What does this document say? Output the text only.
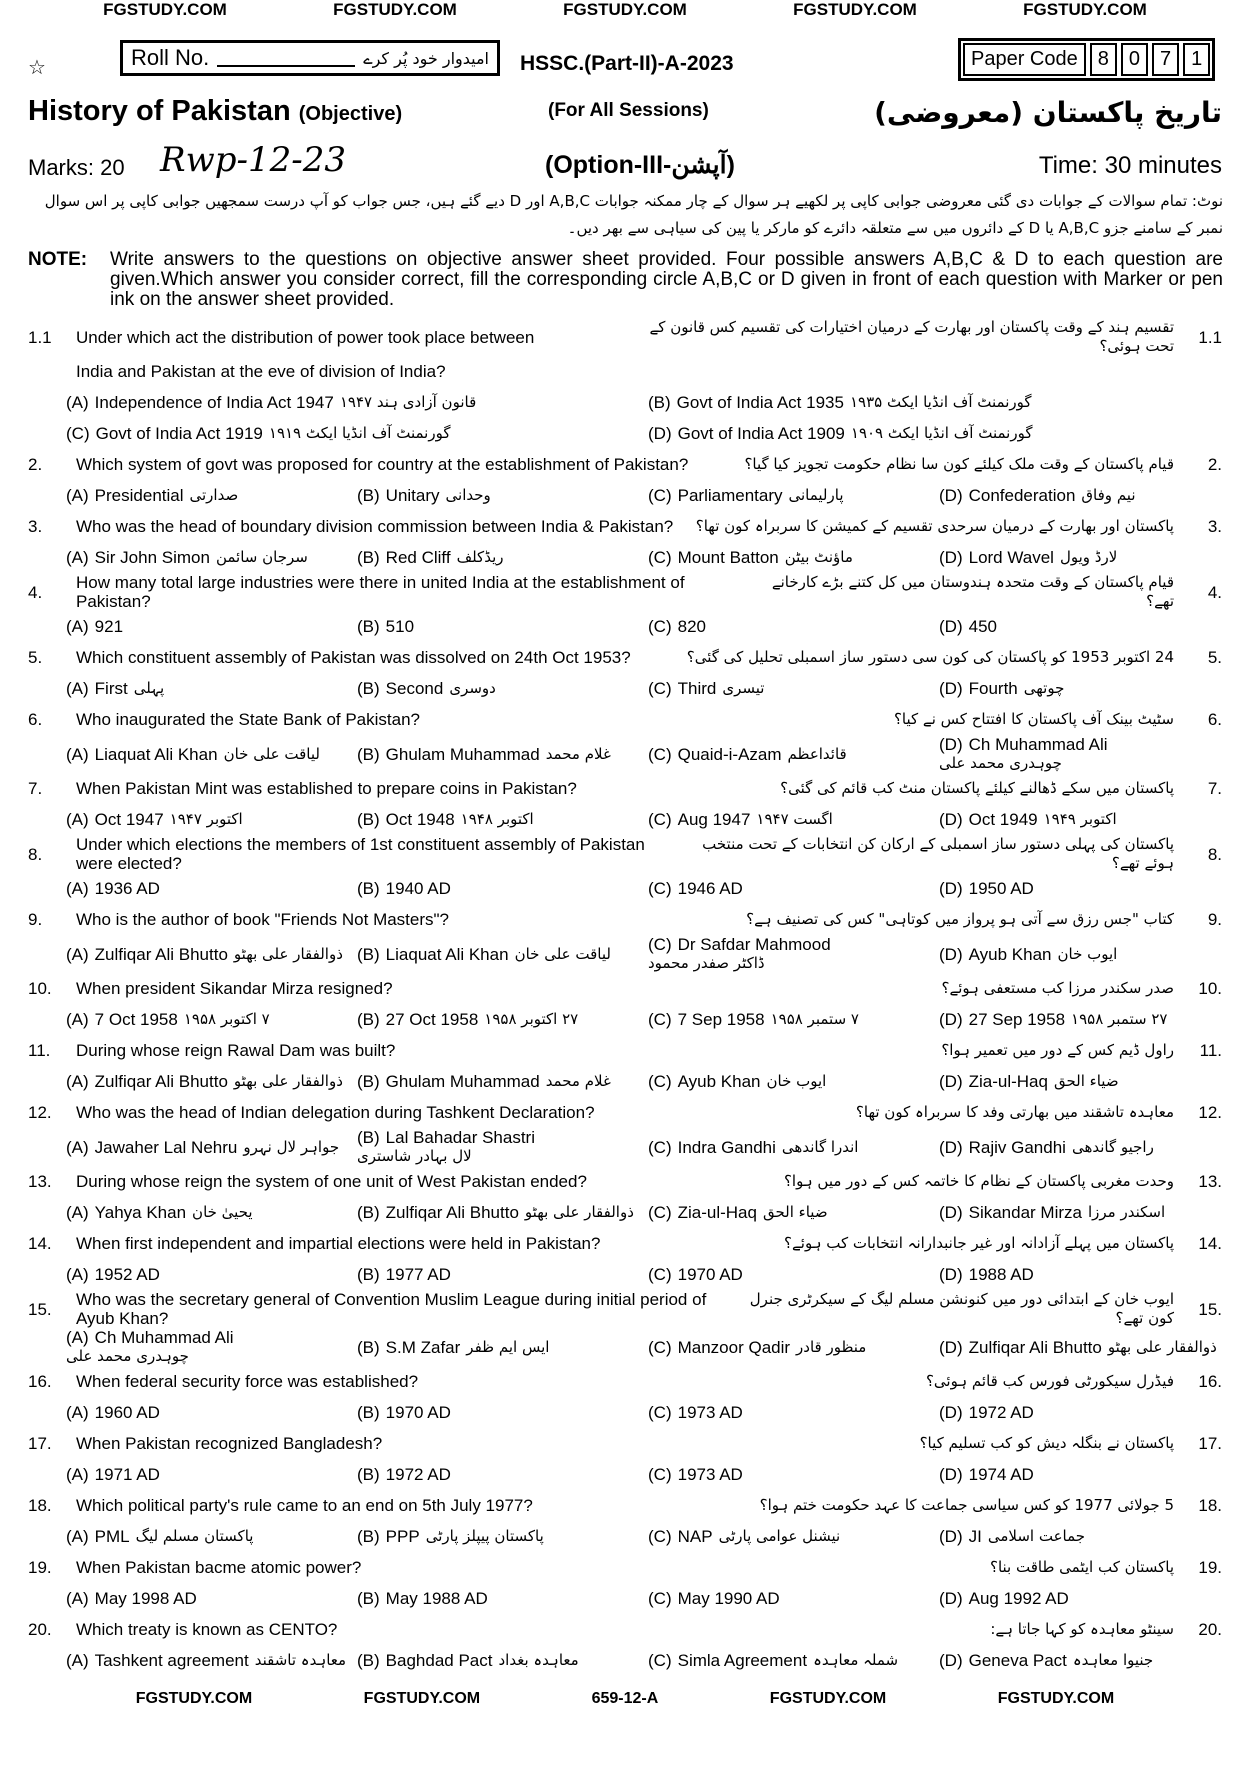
FGSTUDY.COM	FGSTUDY.COM	FGSTUDY.COM	FGSTUDY.COM	FGSTUDY.COM
☆	Roll No.	امیدوار خود پُر کرے HSSC.(Part-II)-A-2023	Paper Code	8	0	7	1
History of Pakistan (Objective)	(For All Sessions)	تاریخ پاکستان (معروضی)
Marks: 20 Rwp-12-23	(Option-III-آپشن)	Time: 30 minutes
نوٹ: تمام سوالات کے جوابات دی گئی معروضی جوابی کاپی پر لکھیے ہر سوال کے چار ممکنہ جوابات A,B,C اور D دیے گئے ہیں، جس جواب کو آپ درست سمجھیں جوابی کاپی پر اس سوال نمبر کے سامنے جزو A,B,C یا D کے دائروں میں سے متعلقہ دائرے کو مارکر یا پین کی سیاہی سے بھر دیں۔
NOTE:	Write answers to the questions on objective answer sheet provided. Four possible answers A,B,C & D to each question are given.Which answer you consider correct, fill the corresponding circle A,B,C or D given in front of each question with Marker or pen ink on the answer sheet provided.
1.1	Under which act the distribution of power took place between
تقسیم ہند کے وقت پاکستان اور بھارت کے درمیان اختیارات کی تقسیم کس قانون کے تحت ہوئی؟	1.1
India and Pakistan at the eve of division of India?
(A) Independence of India Act 1947 قانون آزادی ہند ۱۹۴۷	(B) Govt of India Act 1935 گورنمنٹ آف انڈیا ایکٹ ۱۹۳۵
(C) Govt of India Act 1919 گورنمنٹ آف انڈیا ایکٹ ۱۹۱۹	(D) Govt of India Act 1909 گورنمنٹ آف انڈیا ایکٹ ۱۹۰۹
2.	Which system of govt was proposed for country at the establishment of Pakistan?	قیام پاکستان کے وقت ملک کیلئے کون سا نظام حکومت تجویز کیا گیا؟	2.
(A) Presidential صدارتی	(B) Unitary وحدانی	(C) Parliamentary پارلیمانی	(D) Confederation نیم وفاق
3.	Who was the head of boundary division commission between India & Pakistan?	پاکستان اور بھارت کے درمیان سرحدی تقسیم کے کمیشن کا سربراہ کون تھا؟	3.
(A) Sir John Simon سرجان سائمن	(B) Red Cliff ریڈکلف	(C) Mount Batton ماؤنٹ بیٹن	(D) Lord Wavel لارڈ ویول
4.	How many total large industries were there in united India at the establishment of Pakistan?
قیام پاکستان کے وقت متحدہ ہندوستان میں کل کتنے بڑے کارخانے تھے؟	4.
(A) 921	(B) 510	(C) 820	(D) 450
5.	Which constituent assembly of Pakistan was dissolved on 24th Oct 1953?	24 اکتوبر 1953 کو پاکستان کی کون سی دستور ساز اسمبلی تحلیل کی گئی؟	5.
(A) First پہلی	(B) Second دوسری	(C) Third تیسری	(D) Fourth چوتھی
6.	Who inaugurated the State Bank of Pakistan?	سٹیٹ بینک آف پاکستان کا افتتاح کس نے کیا؟	6.
(A) Liaquat Ali Khan لیاقت علی خان (B) Ghulam Muhammad غلام محمد (C) Quaid-i-Azam قائداعظم	(D) Ch Muhammad Ali
چوہدری محمد علی
7.	When Pakistan Mint was established to prepare coins in Pakistan?	پاکستان میں سکے ڈھالنے کیلئے پاکستان منٹ کب قائم کی گئی؟	7.
(A) Oct 1947 اکتوبر ۱۹۴۷	(B) Oct 1948 اکتوبر ۱۹۴۸	(C) Aug 1947 اگست ۱۹۴۷	(D) Oct 1949 اکتوبر ۱۹۴۹
8.	Under which elections the members of 1st constituent assembly of Pakistan were elected?
پاکستان کی پہلی دستور ساز اسمبلی کے ارکان کن انتخابات کے تحت منتخب ہوئے تھے؟	8.
(A) 1936 AD	(B) 1940 AD	(C) 1946 AD	(D) 1950 AD
9.	Who is the author of book "Friends Not Masters"?	کتاب "جس رزق سے آتی ہو پرواز میں کوتاہی" کس کی تصنیف ہے؟	9.
(A) Zulfiqar Ali Bhutto ذوالفقار علی بھٹو (B) Liaquat Ali Khan لیاقت علی خان (C) Dr Safdar Mahmood
ڈاکٹر صفدر محمود	(D) Ayub Khan ایوب خان
10.	When president Sikandar Mirza resigned?	صدر سکندر مرزا کب مستعفی ہوئے؟	10.
(A) 7 Oct 1958 ۷ اکتوبر ۱۹۵۸	(B) 27 Oct 1958 ۲۷ اکتوبر ۱۹۵۸	(C) 7 Sep 1958 ۷ ستمبر ۱۹۵۸	(D) 27 Sep 1958 ۲۷ ستمبر ۱۹۵۸
11.	During whose reign Rawal Dam was built?	راول ڈیم کس کے دور میں تعمیر ہوا؟	11.
(A) Zulfiqar Ali Bhutto ذوالفقار علی بھٹو (B) Ghulam Muhammad غلام محمد (C) Ayub Khan ایوب خان	(D) Zia-ul-Haq ضیاء الحق
12.	Who was the head of Indian delegation during Tashkent Declaration?	معاہدہ تاشقند میں بھارتی وفد کا سربراہ کون تھا؟	12.
(A) Jawaher Lal Nehru جواہر لال نہرو (B) Lal Bahadar Shastri
لال بہادر شاستری	(C) Indra Gandhi اندرا گاندھی	(D) Rajiv Gandhi راجیو گاندھی
13.	During whose reign the system of one unit of West Pakistan ended?	وحدت مغربی پاکستان کے نظام کا خاتمہ کس کے دور میں ہوا؟	13.
(A) Yahya Khan یحییٰ خان	(B) Zulfiqar Ali Bhutto ذوالفقار علی بھٹو (C) Zia-ul-Haq ضیاء الحق	(D) Sikandar Mirza اسکندر مرزا
14.	When first independent and impartial elections were held in Pakistan?	پاکستان میں پہلے آزادانہ اور غیر جانبدارانہ انتخابات کب ہوئے؟	14.
(A) 1952 AD	(B) 1977 AD	(C) 1970 AD	(D) 1988 AD
15.	Who was the secretary general of Convention Muslim League during initial period of Ayub Khan?
ایوب خان کے ابتدائی دور میں کنونشن مسلم لیگ کے سیکرٹری جنرل کون تھے؟	15.
(A) Ch Muhammad Ali
چوہدری محمد علی	(B) S.M Zafar ایس ایم ظفر	(C) Manzoor Qadir منظور قادر	(D) Zulfiqar Ali Bhutto ذوالفقار علی بھٹو
16.	When federal security force was established?	فیڈرل سیکورٹی فورس کب قائم ہوئی؟	16.
(A) 1960 AD	(B) 1970 AD	(C) 1973 AD	(D) 1972 AD
17.	When Pakistan recognized Bangladesh?	پاکستان نے بنگلہ دیش کو کب تسلیم کیا؟	17.
(A) 1971 AD	(B) 1972 AD	(C) 1973 AD	(D) 1974 AD
18.	Which political party's rule came to an end on 5th July 1977?	5 جولائی 1977 کو کس سیاسی جماعت کا عہد حکومت ختم ہوا؟	18.
(A) PML پاکستان مسلم لیگ	(B) PPP پاکستان پیپلز پارٹی	(C) NAP نیشنل عوامی پارٹی	(D) JI جماعت اسلامی
19.	When Pakistan bacme atomic power?	پاکستان کب ایٹمی طاقت بنا؟	19.
(A) May 1998 AD	(B) May 1988 AD	(C) May 1990 AD	(D) Aug 1992 AD
20.	Which treaty is known as CENTO?	سینٹو معاہدہ کو کہا جاتا ہے:	20.
(A) Tashkent agreement معاہدہ تاشقند (B) Baghdad Pact معاہدہ بغداد	(C) Simla Agreement شملہ معاہدہ (D) Geneva Pact جنیوا معاہدہ
FGSTUDY.COM	FGSTUDY.COM	659-12-A	FGSTUDY.COM	FGSTUDY.COM
